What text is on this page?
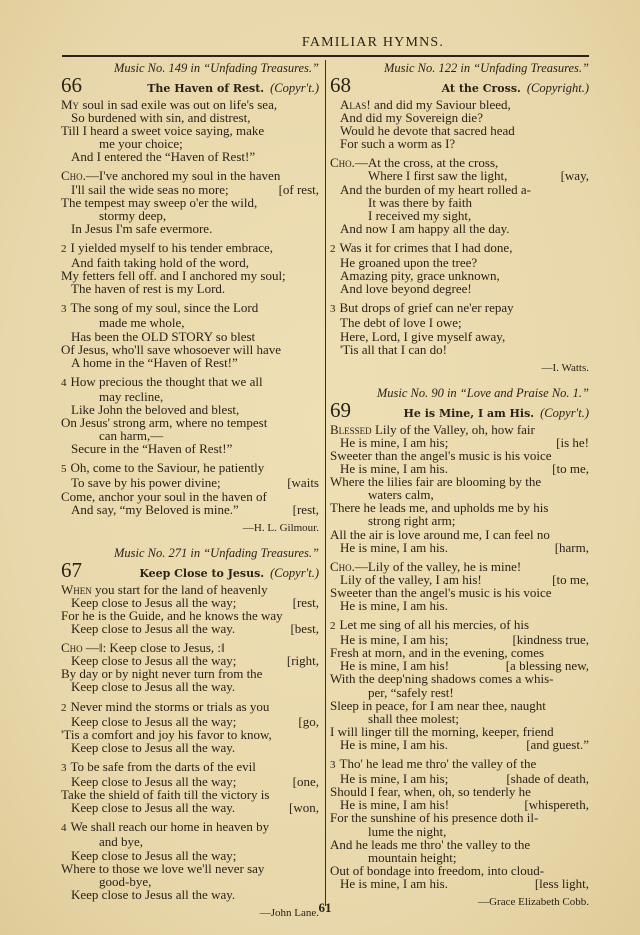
FAMILIAR HYMNS.
Music No. 149 in “Unfading Treasures.”
66	The Haven of Rest. (Copyr't.)
My soul in sad exile was out on life's sea,
So burdened with sin, and distrest,
Till I heard a sweet voice saying, make
me your choice;
And I entered the “Haven of Rest!”
Cho.—I've anchored my soul in the haven
I'll sail the wide seas no more;	[of rest,
The tempest may sweep o'er the wild,
stormy deep,
In Jesus I'm safe evermore.
2 I yielded myself to his tender embrace,
And faith taking hold of the word,
My fetters fell off. and I anchored my soul;
The haven of rest is my Lord.
3 The song of my soul, since the Lord
made me whole,
Has been the OLD STORY so blest
Of Jesus, who'll save whosoever will have
A home in the “Haven of Rest!”
4 How precious the thought that we all
may recline,
Like John the beloved and blest,
On Jesus' strong arm, where no tempest
can harm,—
Secure in the “Haven of Rest!”
5 Oh, come to the Saviour, he patiently
To save by his power divine;	[waits
Come, anchor your soul in the haven of
And say, “my Beloved is mine.”	[rest,
—H. L. Gilmour.
Music No. 271 in “Unfading Treasures.”
67	Keep Close to Jesus. (Copyr't.)
When you start for the land of heavenly
Keep close to Jesus all the way;	[rest,
For he is the Guide, and he knows the way
Keep close to Jesus all the way.	[best,
Cho —‖: Keep close to Jesus, :‖
Keep close to Jesus all the way;	[right,
By day or by night never turn from the
Keep close to Jesus all the way.
2 Never mind the storms or trials as you
Keep close to Jesus all the way;	[go,
'Tis a comfort and joy his favor to know,
Keep close to Jesus all the way.
3 To be safe from the darts of the evil
Keep close to Jesus all the way;	[one,
Take the shield of faith till the victory is
Keep close to Jesus all the way.	[won,
4 We shall reach our home in heaven by
and bye,
Keep close to Jesus all the way;
Where to those we love we'll never say
good-bye,
Keep close to Jesus all the way.
—John Lane.
Music No. 122 in “Unfading Treasures.”
68	At the Cross. (Copyright.)
Alas! and did my Saviour bleed,
And did my Sovereign die?
Would he devote that sacred head
For such a worm as I?
Cho.—At the cross, at the cross,
Where I first saw the light,	[way,
And the burden of my heart rolled a-
It was there by faith
I received my sight,
And now I am happy all the day.
2 Was it for crimes that I had done,
He groaned upon the tree?
Amazing pity, grace unknown,
And love beyond degree!
3 But drops of grief can ne'er repay
The debt of love I owe;
Here, Lord, I give myself away,
'Tis all that I can do!
—I. Watts.
Music No. 90 in “Love and Praise No. 1.”
69	He is Mine, I am His. (Copyr't.)
Blessed Lily of the Valley, oh, how fair
He is mine, I am his;	[is he!
Sweeter than the angel's music is his voice
He is mine, I am his.	[to me,
Where the lilies fair are blooming by the
waters calm,
There he leads me, and upholds me by his
strong right arm;
All the air is love around me, I can feel no
He is mine, I am his.	[harm,
Cho.—Lily of the valley, he is mine!
Lily of the valley, I am his!	[to me,
Sweeter than the angel's music is his voice
He is mine, I am his.
2 Let me sing of all his mercies, of his
He is mine, I am his;	[kindness true,
Fresh at morn, and in the evening, comes
He is mine, I am his!	[a blessing new,
With the deep'ning shadows comes a whis-
per, “safely rest!
Sleep in peace, for I am near thee, naught
shall thee molest;
I will linger till the morning, keeper, friend
He is mine, I am his.	[and guest.”
3 Tho' he lead me thro' the valley of the
He is mine, I am his;	[shade of death,
Should I fear, when, oh, so tenderly he
He is mine, I am his!	[whispereth,
For the sunshine of his presence doth il-
lume the night,
And he leads me thro' the valley to the
mountain height;
Out of bondage into freedom, into cloud-
He is mine, I am his.	[less light,
—Grace Elizabeth Cobb.
61
